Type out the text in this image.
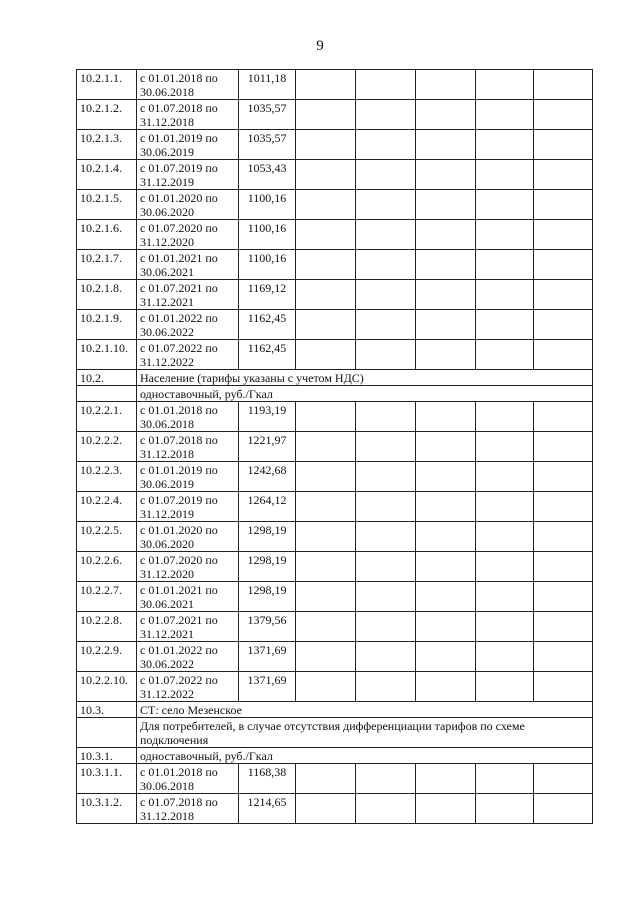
9
10.2.1.1.	с 01.01.2018 по
30.06.2018	1011,18					
10.2.1.2.	с 01.07.2018 по
31.12.2018	1035,57					
10.2.1.3.	с 01.01.2019 по
30.06.2019	1035,57					
10.2.1.4.	с 01.07.2019 по
31.12.2019	1053,43					
10.2.1.5.	с 01.01.2020 по
30.06.2020	1100,16					
10.2.1.6.	с 01.07.2020 по
31.12.2020	1100,16					
10.2.1.7.	с 01.01.2021 по
30.06.2021	1100,16					
10.2.1.8.	с 01.07.2021 по
31.12.2021	1169,12					
10.2.1.9.	с 01.01.2022 по
30.06.2022	1162,45					
10.2.1.10.	с 01.07.2022 по
31.12.2022	1162,45					
10.2.	Население (тарифы указаны с учетом НДС)						
	одноставочный, руб./Гкал						
10.2.2.1.	с 01.01.2018 по
30.06.2018	1193,19					
10.2.2.2.	с 01.07.2018 по
31.12.2018	1221,97					
10.2.2.3.	с 01.01.2019 по
30.06.2019	1242,68					
10.2.2.4.	с 01.07.2019 по
31.12.2019	1264,12					
10.2.2.5.	с 01.01.2020 по
30.06.2020	1298,19					
10.2.2.6.	с 01.07.2020 по
31.12.2020	1298,19					
10.2.2.7.	с 01.01.2021 по
30.06.2021	1298,19					
10.2.2.8.	с 01.07.2021 по
31.12.2021	1379,56					
10.2.2.9.	с 01.01.2022 по
30.06.2022	1371,69					
10.2.2.10.	с 01.07.2022 по
31.12.2022	1371,69					
10.3.	СТ: село Мезенское						

	Для потребителей, в случае отсутствия дифференциации тарифов по схеме
подключения						

10.3.1.	одноставочный, руб./Гкал						
10.3.1.1.	с 01.01.2018 по
30.06.2018	1168,38					
10.3.1.2.	с 01.07.2018 по
31.12.2018	1214,65					
